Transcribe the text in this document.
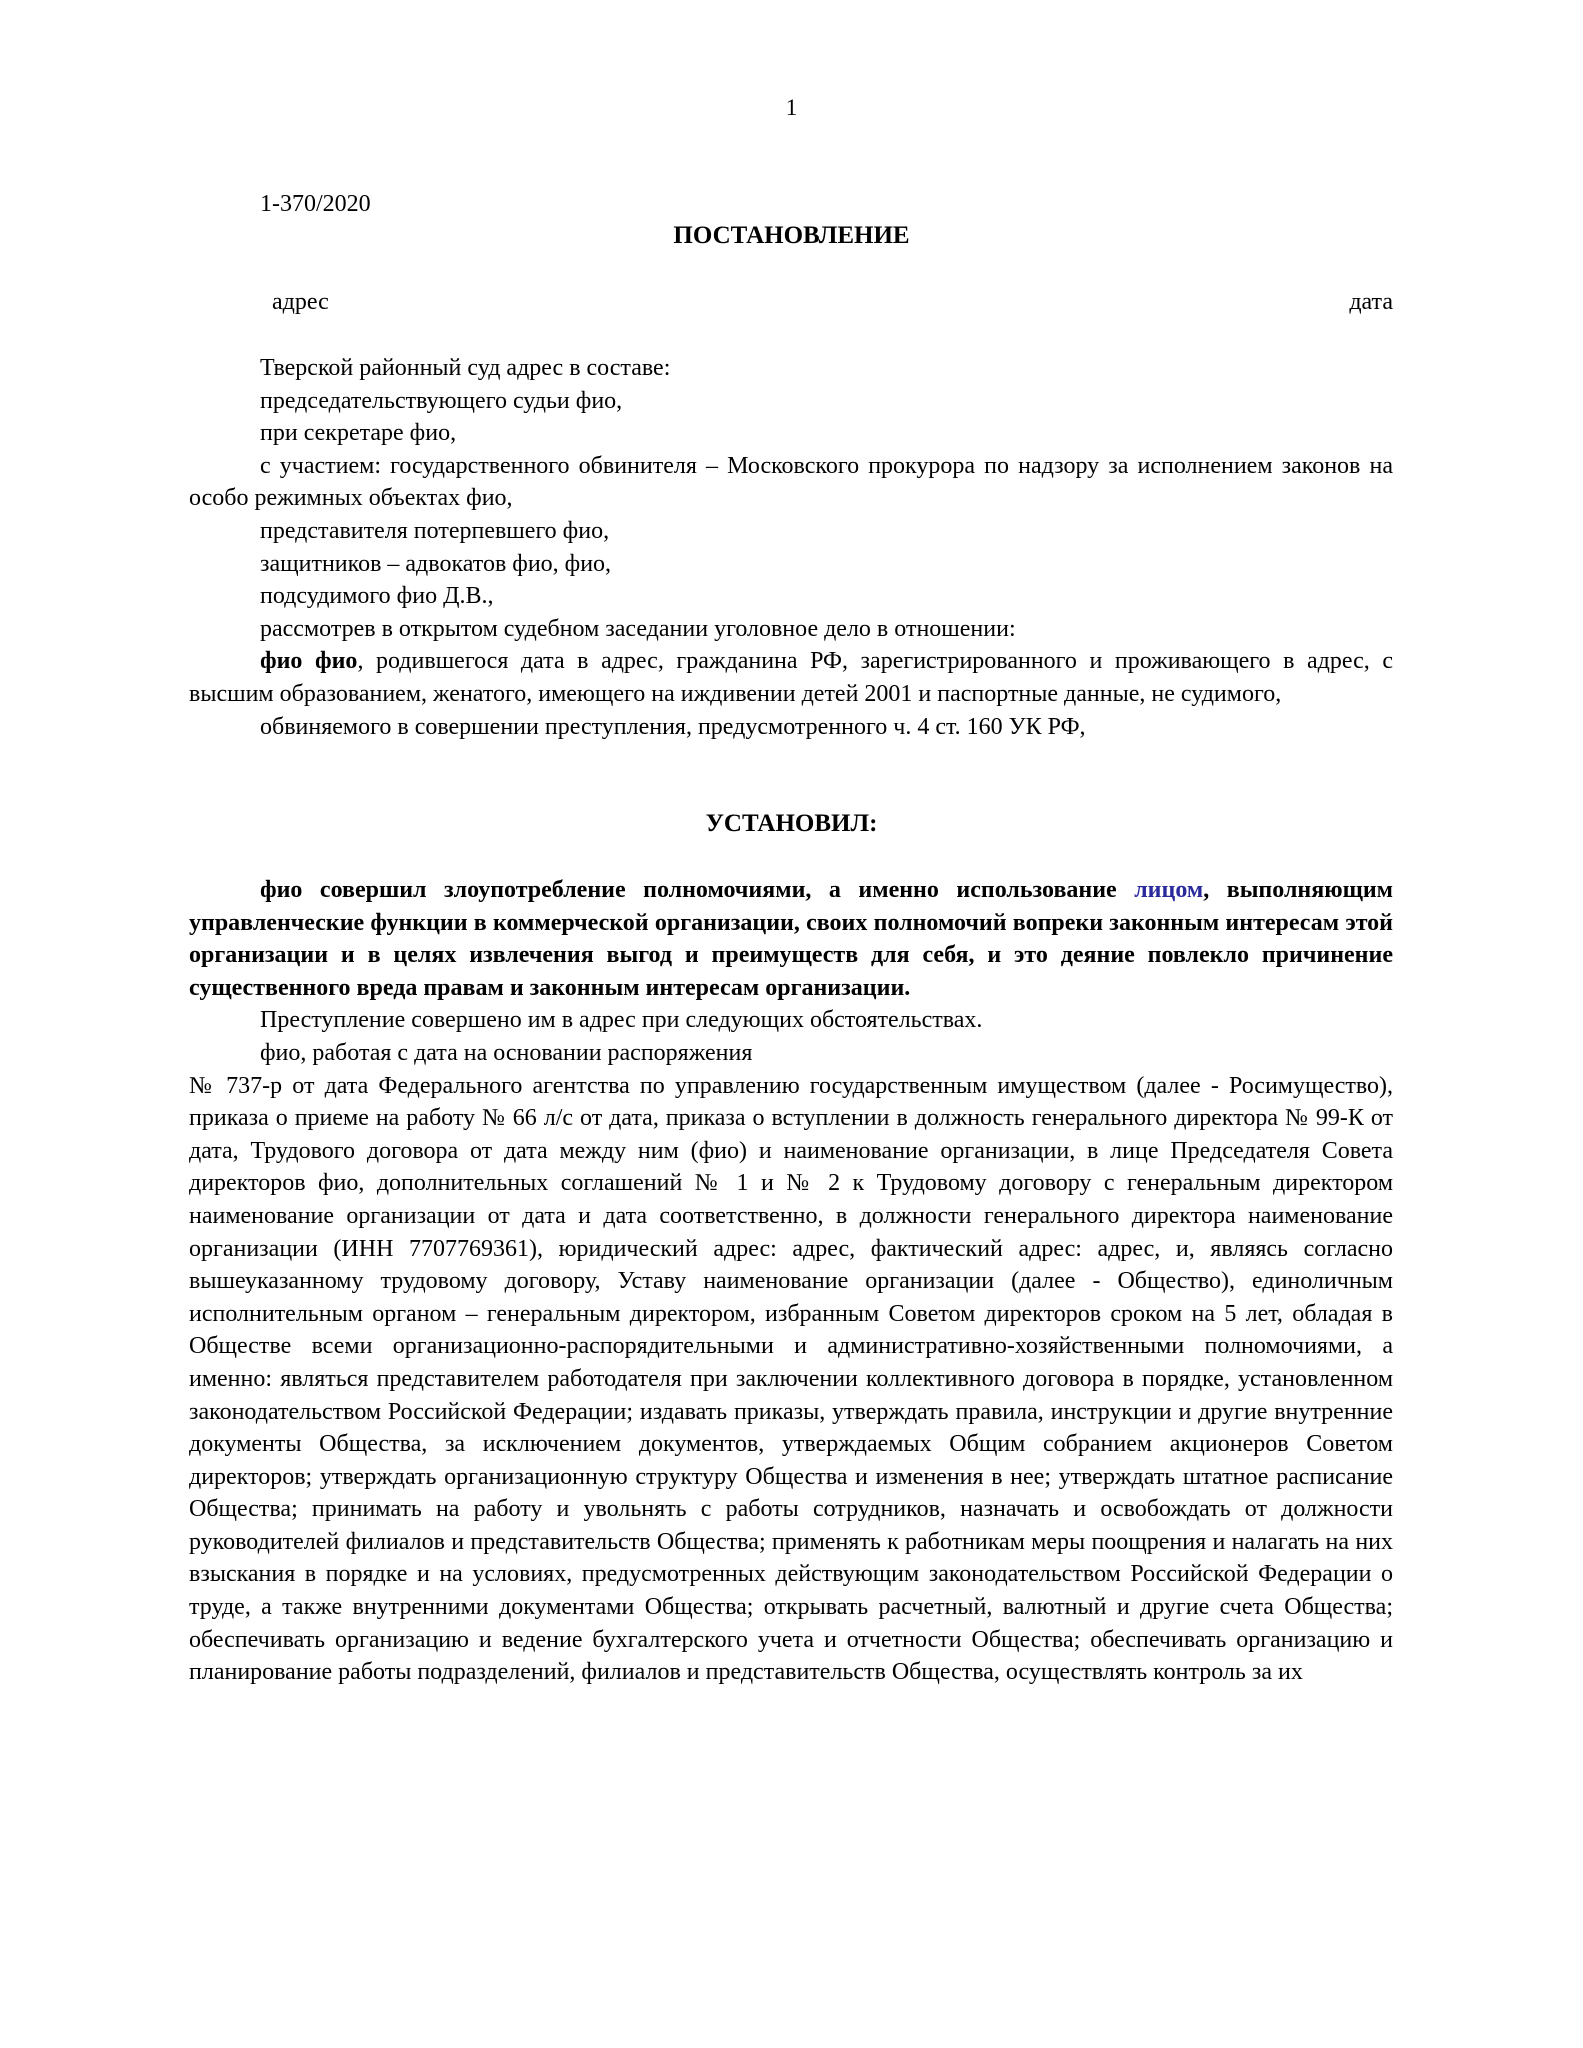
1
1-370/2020
ПОСТАНОВЛЕНИЕ
адрес	дата

Тверской районный суд адрес в составе:

председательствующего судьи фио,

при секретаре фио,

с участием: государственного обвинителя – Московского прокурора по надзору за исполнением законов на особо режимных объектах фио,

представителя потерпевшего фио,

защитников – адвокатов фио, фио,

подсудимого фио Д.В.,

рассмотрев в открытом судебном заседании уголовное дело в отношении:

фио фио, родившегося дата в адрес, гражданина РФ, зарегистрированного и проживающего в адрес, с высшим образованием, женатого, имеющего на иждивении детей 2001 и паспортные данные, не судимого,

обвиняемого в совершении преступления, предусмотренного ч. 4 ст. 160 УК РФ,

УСТАНОВИЛ:

фио совершил злоупотребление полномочиями, а именно использование лицом, выполняющим управленческие функции в коммерческой организации, своих полномочий вопреки законным интересам этой организации и в целях извлечения выгод и преимуществ для себя, и это деяние повлекло причинение существенного вреда правам и законным интересам организации.

Преступление совершено им в адрес при следующих обстоятельствах.

фио, работая с дата на основании распоряжения

№ 737-р от дата Федерального агентства по управлению государственным имуществом (далее - Росимущество), приказа о приеме на работу № 66 л/с от дата, приказа о вступлении в должность генерального директора № 99-К от дата, Трудового договора от дата между ним (фио) и наименование организации, в лице Председателя Совета директоров фио, дополнительных соглашений № 1 и № 2 к Трудовому договору с генеральным директором наименование организации от дата и дата соответственно, в должности генерального директора наименование организации (ИНН 7707769361), юридический адрес: адрес, фактический адрес: адрес, и, являясь согласно вышеуказанному трудовому договору, Уставу наименование организации (далее - Общество), единоличным исполнительным органом – генеральным директором, избранным Советом директоров сроком на 5 лет, обладая в Обществе всеми организационно-распорядительными и административно-хозяйственными полномочиями, а именно: являться представителем работодателя при заключении коллективного договора в порядке, установленном законодательством Российской Федерации; издавать приказы, утверждать правила, инструкции и другие внутренние документы Общества, за исключением документов, утверждаемых Общим собранием акционеров Советом директоров; утверждать организационную структуру Общества и изменения в нее; утверждать штатное расписание Общества; принимать на работу и увольнять с работы сотрудников, назначать и освобождать от должности руководителей филиалов и представительств Общества; применять к работникам меры поощрения и налагать на них взыскания в порядке и на условиях, предусмотренных действующим законодательством Российской Федерации о труде, а также внутренними документами Общества; открывать расчетный, валютный и другие счета Общества; обеспечивать организацию и ведение бухгалтерского учета и отчетности Общества; обеспечивать организацию и планирование работы подразделений, филиалов и представительств Общества, осуществлять контроль за их
